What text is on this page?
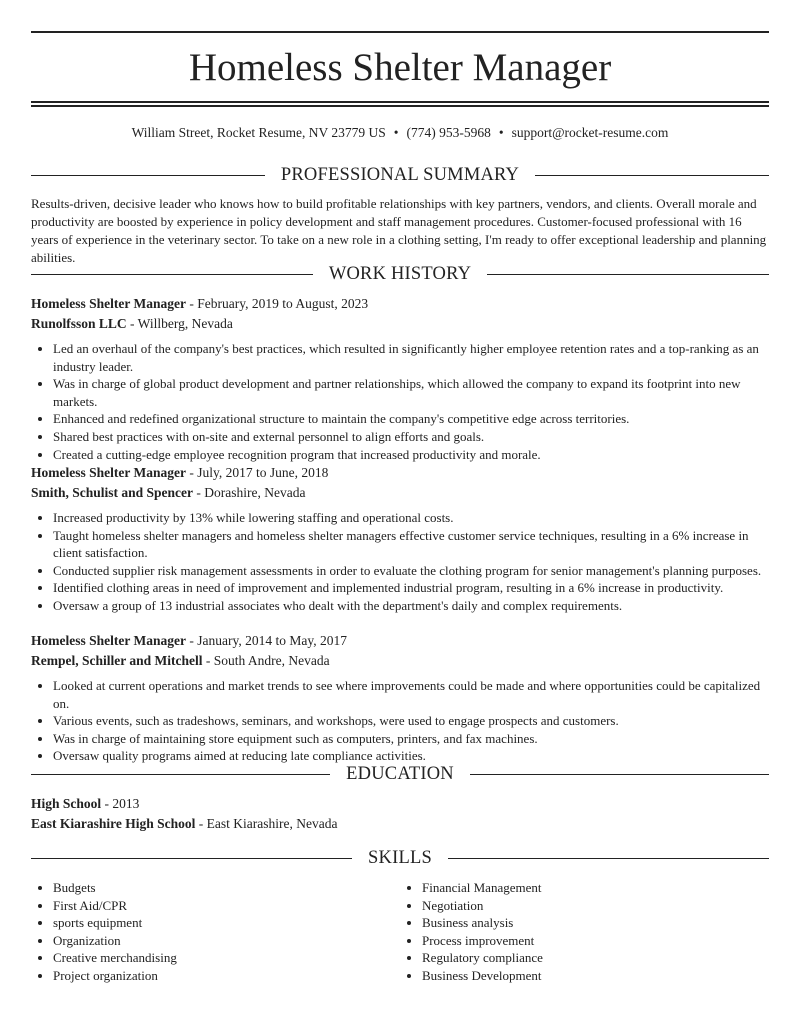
Homeless Shelter Manager
William Street, Rocket Resume, NV 23779 US • (774) 953-5968 • support@rocket-resume.com
PROFESSIONAL SUMMARY

Results-driven, decisive leader who knows how to build profitable relationships with key partners, vendors, and clients. Overall morale and productivity are boosted by experience in policy development and staff management procedures. Customer-focused professional with 16 years of experience in the veterinary sector. To take on a new role in a clothing setting, I'm ready to offer exceptional leadership and planning abilities.

WORK HISTORY
Homeless Shelter Manager - February, 2019 to August, 2023
Runolfsson LLC - Willberg, Nevada
• Led an overhaul of the company's best practices, which resulted in significantly higher employee retention rates and a top-ranking as an industry leader.
• Was in charge of global product development and partner relationships, which allowed the company to expand its footprint into new markets.
• Enhanced and redefined organizational structure to maintain the company's competitive edge across territories.
• Shared best practices with on-site and external personnel to align efforts and goals.
• Created a cutting-edge employee recognition program that increased productivity and morale.
Homeless Shelter Manager - July, 2017 to June, 2018
Smith, Schulist and Spencer - Dorashire, Nevada
• Increased productivity by 13% while lowering staffing and operational costs.
• Taught homeless shelter managers and homeless shelter managers effective customer service techniques, resulting in a 6% increase in client satisfaction.
• Conducted supplier risk management assessments in order to evaluate the clothing program for senior management's planning purposes.
• Identified clothing areas in need of improvement and implemented industrial program, resulting in a 6% increase in productivity.
• Oversaw a group of 13 industrial associates who dealt with the department's daily and complex requirements.
Homeless Shelter Manager - January, 2014 to May, 2017
Rempel, Schiller and Mitchell - South Andre, Nevada
• Looked at current operations and market trends to see where improvements could be made and where opportunities could be capitalized on.
• Various events, such as tradeshows, seminars, and workshops, were used to engage prospects and customers.
• Was in charge of maintaining store equipment such as computers, printers, and fax machines.
• Oversaw quality programs aimed at reducing late compliance activities.
EDUCATION
High School - 2013
East Kiarashire High School - East Kiarashire, Nevada
SKILLS
• Budgets
• First Aid/CPR
• sports equipment
• Organization
• Creative merchandising
• Project organization
• Financial Management
• Negotiation
• Business analysis
• Process improvement
• Regulatory compliance
• Business Development
